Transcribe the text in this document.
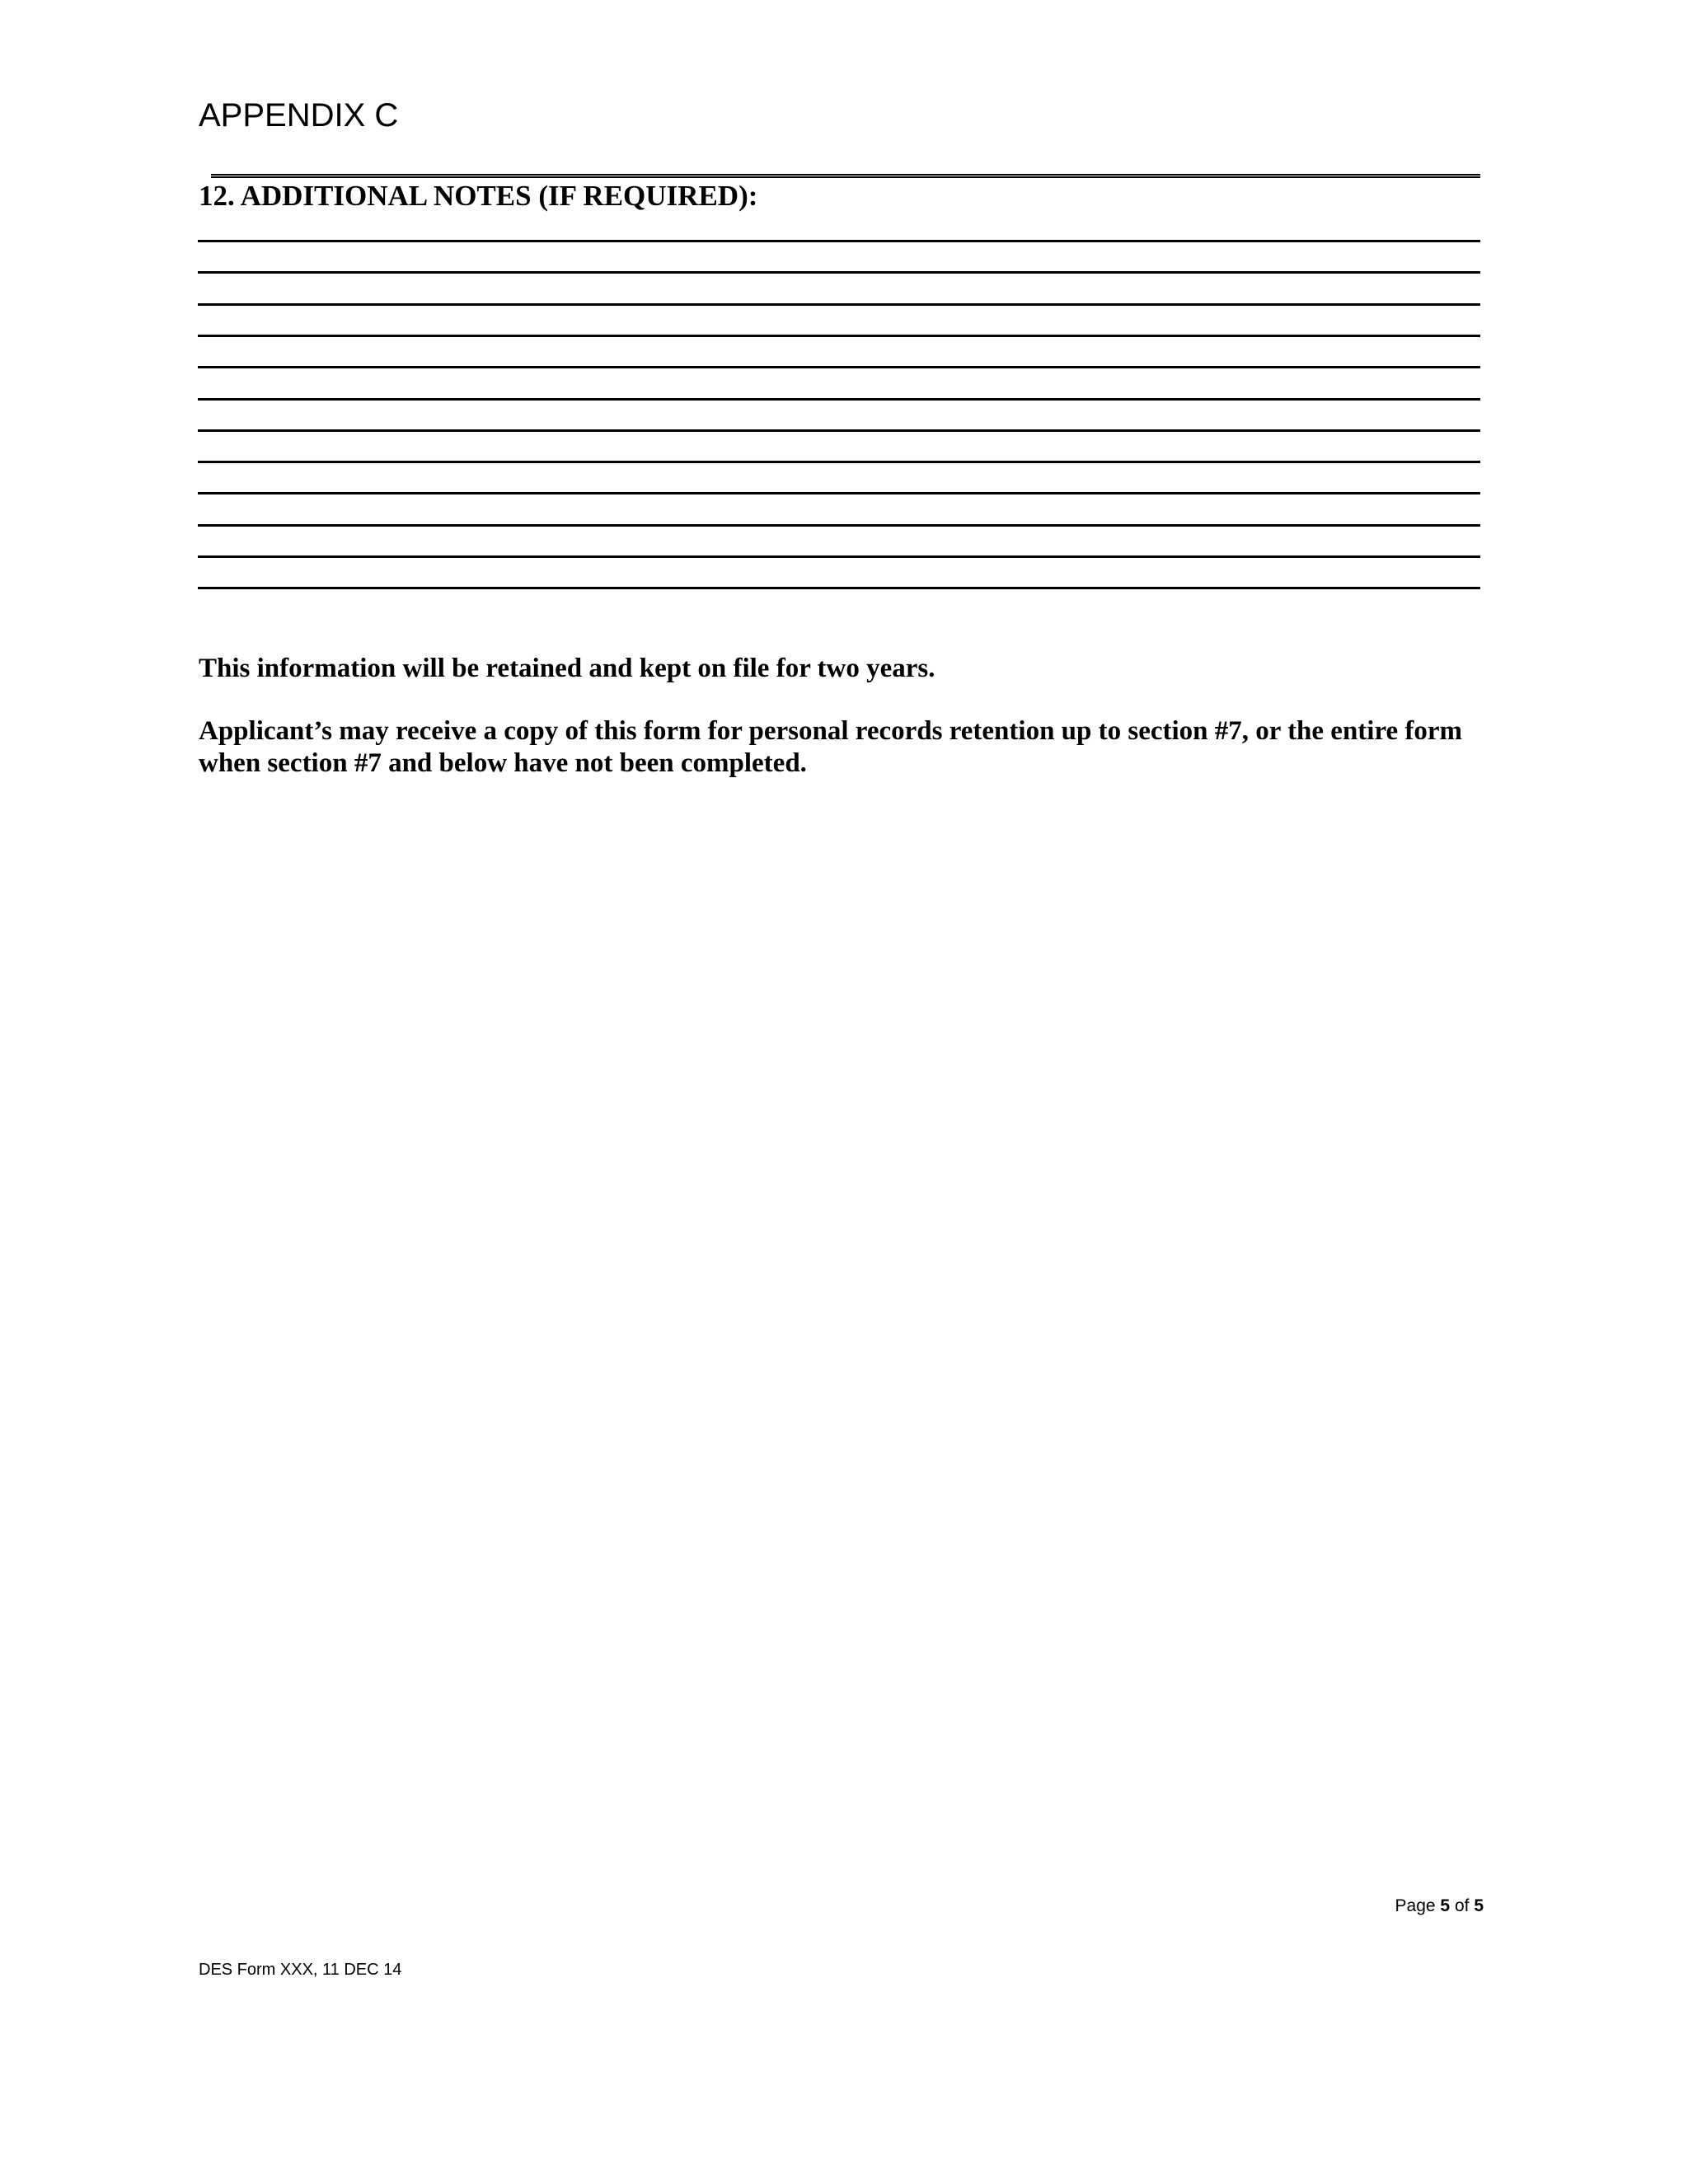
APPENDIX C
12. ADDITIONAL NOTES (IF REQUIRED):

This information will be retained and kept on file for two years.

Applicant’s may receive a copy of this form for personal records retention up to section #7, or the entire form when section #7 and below have not been completed.

Page 5 of 5
DES Form XXX, 11 DEC 14
